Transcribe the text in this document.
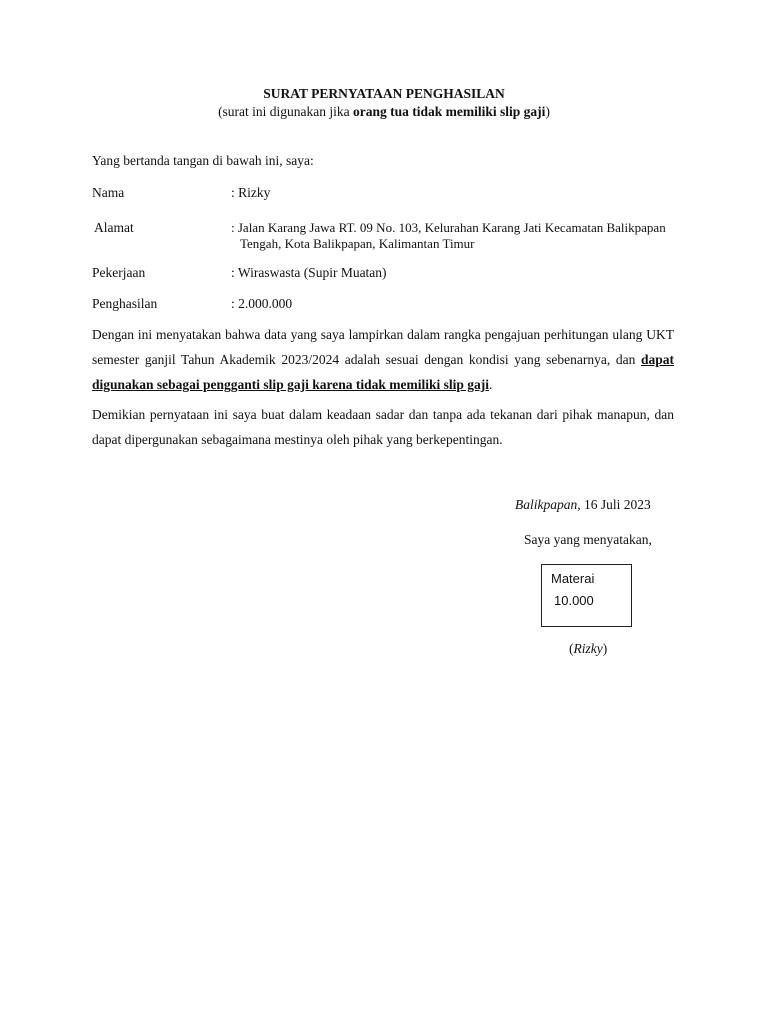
SURAT PERNYATAAN PENGHASILAN
(surat ini digunakan jika orang tua tidak memiliki slip gaji)
Yang bertanda tangan di bawah ini, saya:
Nama	: Rizky
Alamat	: Jalan Karang Jawa RT. 09 No. 103, Kelurahan Karang Jati Kecamatan Balikpapan
Tengah, Kota Balikpapan, Kalimantan Timur
Pekerjaan	: Wiraswasta (Supir Muatan)
Penghasilan	: 2.000.000
Dengan ini menyatakan bahwa data yang saya lampirkan dalam rangka pengajuan perhitungan ulang UKT semester ganjil Tahun Akademik 2023/2024 adalah sesuai dengan kondisi yang sebenarnya, dan dapat digunakan sebagai pengganti slip gaji karena tidak memiliki slip gaji.
Demikian pernyataan ini saya buat dalam keadaan sadar dan tanpa ada tekanan dari pihak manapun, dan dapat dipergunakan sebagaimana mestinya oleh pihak yang berkepentingan.
Balikpapan, 16 Juli 2023
Saya yang menyatakan,
Materai
10.000
(Rizky)
